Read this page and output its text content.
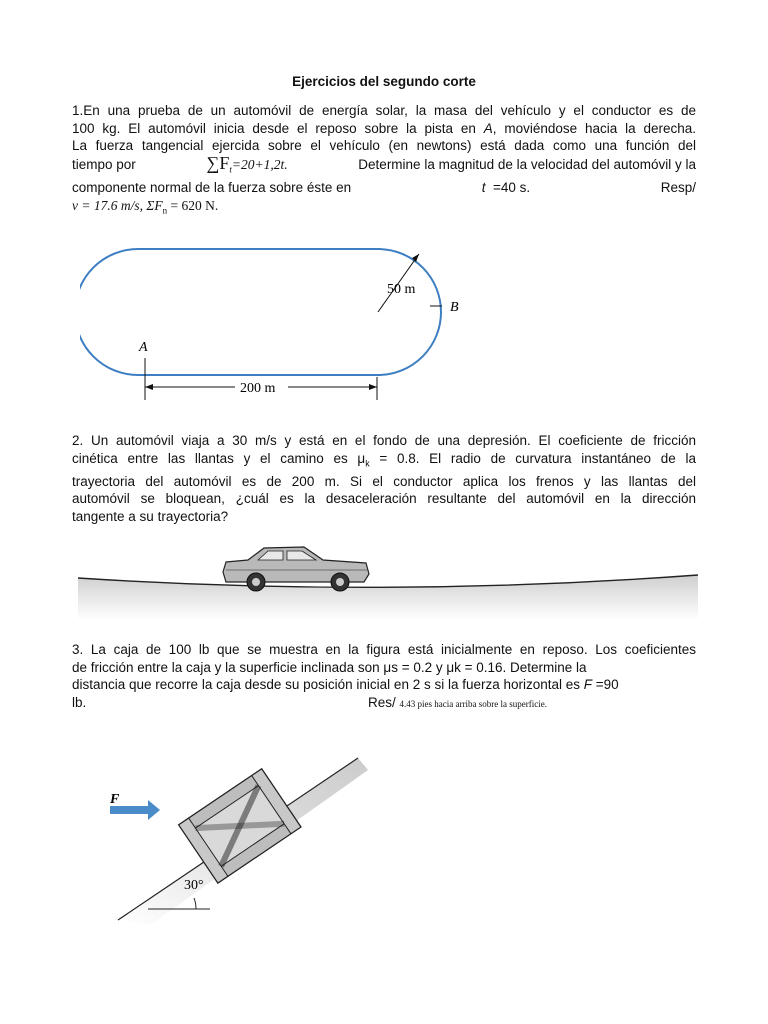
Ejercicios del segundo corte
1.En una prueba de un automóvil de energía solar, la masa del vehículo y el conductor es de
100 kg. El automóvil inicia desde el reposo sobre la pista en A, moviéndose hacia la derecha.
La fuerza tangencial ejercida sobre el vehículo (en newtons) está dada como una función del
tiempo por	$\sum F_t=20+1,2t$.	Determine la magnitud de la velocidad del automóvil y la
componente normal de la fuerza sobre éste en	t =40 s.	Resp/
v = 17.6 m/s, $\Sigma F_n = 620$ N.
50 m
B
A
200 m
2. Un automóvil viaja a 30 m/s y está en el fondo de una depresión. El coeficiente de fricción
cinética entre las llantas y el camino es $\mu_k = 0.8$. El radio de curvatura instantáneo de la
trayectoria del automóvil es de 200 m. Si el conductor aplica los frenos y las llantas del
automóvil se bloquean, ¿cuál es la desaceleración resultante del automóvil en la dirección
tangente a su trayectoria?
3. La caja de 100 lb que se muestra en la figura está inicialmente en reposo. Los coeficientes
de fricción entre la caja y la superficie inclinada son μs = 0.2 y μk = 0.16. Determine la
distancia que recorre la caja desde su posición inicial en 2 s si la fuerza horizontal es F =90
lb.	Res/ 4.43 pies hacia arriba sobre la superficie.
30°
F
